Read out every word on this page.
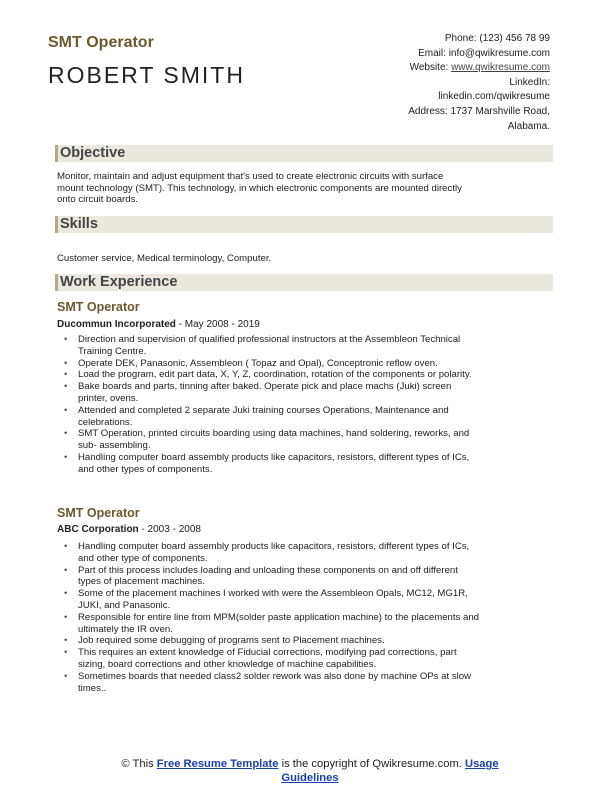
SMT Operator
ROBERT SMITH
Phone: (123) 456 78 99
Email: info@qwikresume.com
Website: www.qwikresume.com
LinkedIn:
linkedin.com/qwikresume
Address: 1737 Marshville Road,
Alabama.
Objective
Monitor, maintain and adjust equipment that's used to create electronic circuits with surface
mount technology (SMT). This technology, in which electronic components are mounted directly
onto circuit boards.
Skills
Customer service, Medical terminology, Computer.
Work Experience
SMT Operator
Ducommun Incorporated - May 2008 - 2019
• Direction and supervision of qualified professional instructors at the Assembleon Technical
Training Centre.
• Operate DEK, Panasonic, Assembleon ( Topaz and Opal), Conceptronic reflow oven.
• Load the program, edit part data, X, Y, Z, coordination, rotation of the components or polarity.
• Bake boards and parts, tinning after baked. Operate pick and place machs (Juki) screen
printer, ovens.
• Attended and completed 2 separate Juki training courses Operations, Maintenance and
celebrations.
• SMT Operation, printed circuits boarding using data machines, hand soldering, reworks, and
sub- assembling.
• Handling computer board assembly products like capacitors, resistors, different types of ICs,
and other types of components.
SMT Operator
ABC Corporation - 2003 - 2008
• Handling computer board assembly products like capacitors, resistors, different types of ICs,
and other type of components.
• Part of this process includes loading and unloading these components on and off different
types of placement machines.
• Some of the placement machines I worked with were the Assembleon Opals, MC12, MG1R,
JUKI, and Panasonic.
• Responsible for entire line from MPM(solder paste application machine) to the placements and
ultimately the IR oven.
• Job required some debugging of programs sent to Placement machines.
• This requires an extent knowledge of Fiducial corrections, modifying pad corrections, part
sizing, board corrections and other knowledge of machine capabilities.
• Sometimes boards that needed class2 solder rework was also done by machine OPs at slow
times..
© This Free Resume Template is the copyright of Qwikresume.com. Usage
Guidelines
